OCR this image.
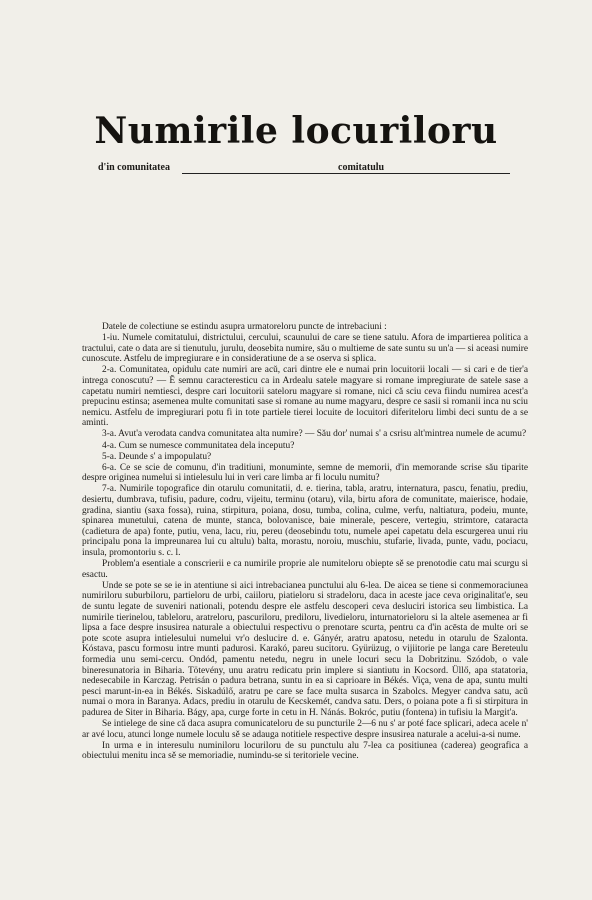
Numirile locuriloru
d'in comunitatea	comitatulu

Datele de colectiune se estindu asupra urmatoreloru puncte de intrebaciuni :

1-iu. Numele comitatului, districtului, cercului, scaunului de care se tiene satulu. Afora de impartierea politica a tractului, cate o data are si tienutulu, jurulu, deosebita numire, său o multieme de sate suntu su un'a — si aceasi numire cunoscute. Astfelu de impregiurare e in consideratiune de a se oserva si splica.

2-a. Comunitatea, opidulu cate numiri are acŭ, cari dintre ele e numai prin locuitorii locali — si cari e de tier'a intrega conoscutu? — Ĕ semnu caracteresticu ca in Ardealu satele magyare si romane impregiurate de satele sase a capetatu numiri nemtiesci, despre cari locuitorii sateloru magyare si romane, nici că sciu ceva fiindu numirea acest'a prepucinu estinsa; asemenea multe comunitati sase si romane au nume magyaru, despre ce sasii si romanii inca nu sciu nemicu. Astfelu de impregiurari potu fi in tote partiele tierei locuite de locuitori diferiteloru limbi deci suntu de a se aminti.

3-a. Avut'a verodata candva comunitatea alta numire? — Său dor' numai s' a csrisu alt'mintrea numele de acumu?

4-a. Cum se numesce communitatea dela inceputu?

5-a. Deunde s' a impopulatu?

6-a. Ce se scie de comunu, d'in traditiuni, monuminte, semne de memorii, d'in memorande scrise său tiparite despre originea numelui si intielesulu lui in veri care limba ar fi loculu numitu?

7-a. Numirile topografice din otarulu comunitatii, d. e. tierina, tabla, aratru, internatura, pascu, fenatiu, prediu, desiertu, dumbrava, tufisiu, padure, codru, vijeitu, terminu (otaru), vila, birtu afora de comunitate, maierisce, hodaie, gradina, siantiu (saxa fossa), ruina, stirpitura, poiana, dosu, tumba, colina, culme, verfu, naltiatura, podeiu, munte, spinarea munetului, catena de munte, stanca, bolovanisce, baie minerale, pescere, vertegiu, strimtore, cataracta (cadietura de apa) fonte, putiu, vena, lacu, riu, pereu (deosebindu totu, numele apei capetatu dela escurgerea unui riu principalu pona la impreunarea lui cu altulu) balta, morastu, noroiu, muschiu, stufarie, livada, punte, vadu, pociacu, insula, promontoriu s. c. l.

Problem'a esentiale a conscrierii e ca numirile proprie ale numiteloru obiepte sě se prenotodie catu mai scurgu si esactu.

Unde se pote se se ie in atentiune si aici intrebacianea punctului alu 6-lea. De aicea se tiene si conmemoraciunea numiriloru suburbiloru, partieloru de urbi, caiiloru, piatieloru si stradeloru, daca in aceste jace ceva originalitat'e, seu de suntu legate de suveniri nationali, potendu despre ele astfelu descoperi ceva desluciri istorica seu limbistica. La numirile tierinelou, tableloru, aratreloru, pascuriloru, prediloru, livedieloru, inturnatorieloru si la altele asemenea ar fi lipsa a face despre insusirea naturale a obiectului respectivu o prenotare scurta, pentru ca d'in acēsta de multe ori se pote scote asupra intielesului numelui vr'o deslucire d. e. Gányér, aratru apatosu, netedu in otarulu de Szalonta. Kóstava, pascu formosu intre munti padurosi. Karakó, pareu sucitoru. Gyürüzug, o vijiitorie pe langa care Bereteulu formedia unu semi-cercu. Ondód, pamentu netedu, negru in unele locuri secu la Dobritzinu. Szódob, o vale bineresunatoria in Biharia. Tötevény, unu aratru redicatu prin implere si siantiutu in Kocsord. Üllő, apa statatoria, nedesecabile in Karczag. Petrisán o padura betrana, suntu in ea si caprioare in Békés. Viça, vena de apa, suntu multi pesci marunt-in-ea in Békés. Siskadúlő, aratru pe care se face multa susarca in Szabolcs. Megyer candva satu, acŭ numai o mora in Baranya. Adacs, prediu in otarulu de Kecskemét, candva satu. Ders, o poiana pote a fi si stirpitura in padurea de Siter in Biharia. Bágy, apa, curge forte in cetu in H. Nánás. Bokróc, putiu (fontena) in tufisiu la Margit'a.

Se intielege de sine că daca asupra comunicateloru de su puncturile 2—6 nu s' ar poté face splicari, adeca acele n' ar avé locu, atunci longe numele loculu sě se adauga notitiele respective despre insusirea naturale a acelui-a-si nume.

In urma e in interesulu numiniloru locuriloru de su punctulu alu 7-lea ca positiunea (caderea) geografica a obiectului menitu inca sě se memoriadie, numindu-se si teritoriele vecine.
